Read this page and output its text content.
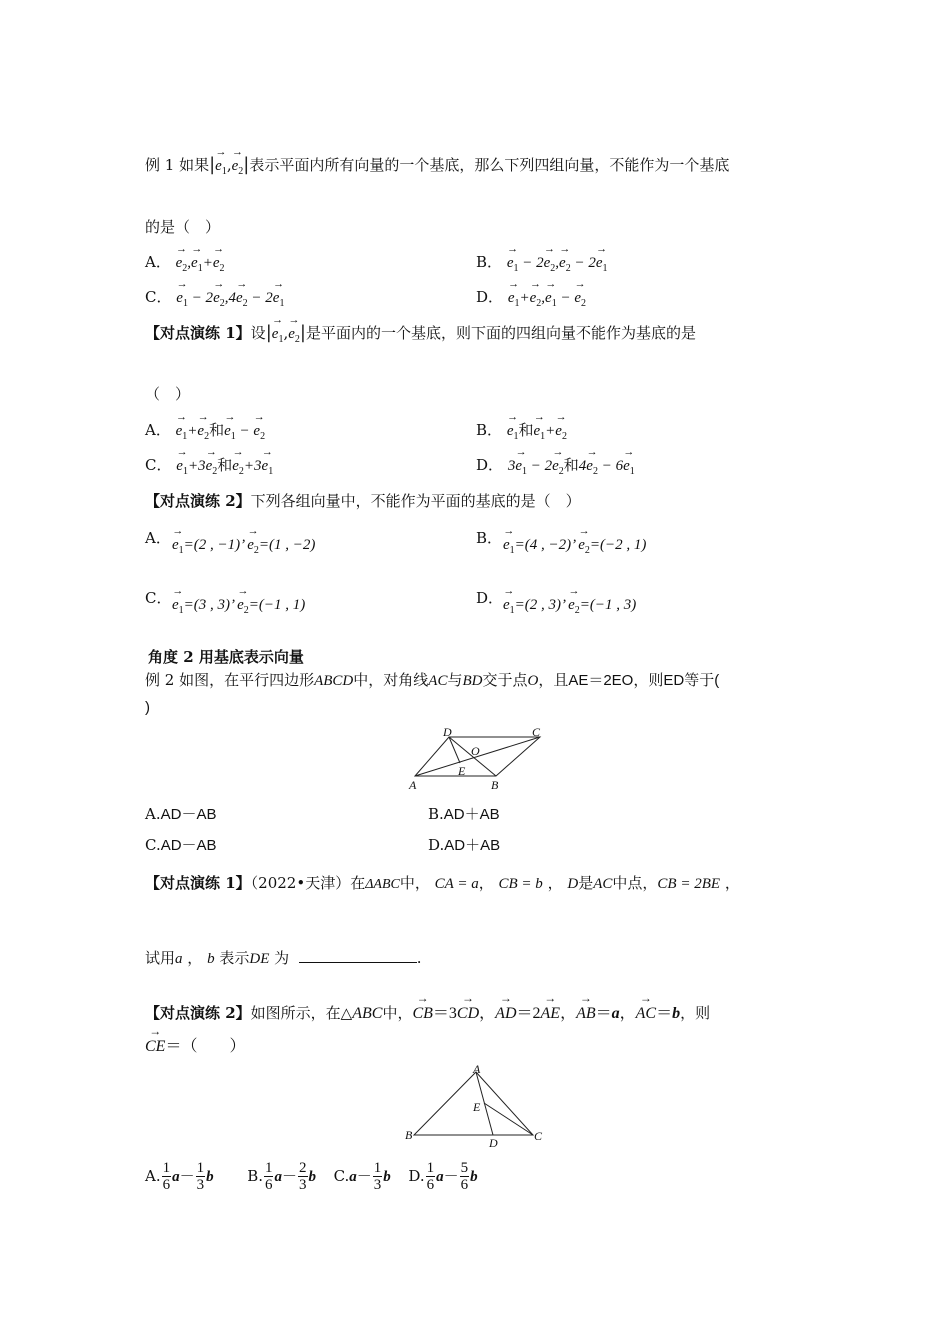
例 1 如果|→ $e_1,\to e_2|$表示平面内所有向量的一个基底，那么下列四组向量，不能作为一个基底
的是（　）
A． → $e_2,\to e_1+\to e_2$	B． → $e_1 - 2\to e_2,\to e_2 - 2\to e_1$
C． → $e_1 - 2\to e_2,4\to e_2 - 2\to e_1$	D． → $e_1+\to e_2,\to e_1$ − → $e_2$
【对点演练 1】设|→ $e_1,\to e_2|$是平面内的一个基底，则下面的四组向量不能作为基底的是
（　）
A． → $e_1+\to e_2$和→ $e_1$ − → $e_2$	B． → $e_1$和→ $e_1+\to e_2$
C． → $e_1+3\to e_2$和→ $e_2+3\to e_1$	D． $3\to e_1 - 2\to e_2$和$4\to e_2 - 6\to e_1$
【对点演练 2】下列各组向量中，不能作为平面的基底的是（　）
A． → $e_1=(2$ , −1)’ → $e_2=(1$ , −2)	B． → $e_1=(4$ , −2)’ → $e_2=(-2$ , 1)
C． → $e_1=(3$ , 3)’ → $e_2=(-1$ , 1)	D． → $e_1=(2$ , 3)’ → $e_2=(-1$ , 3)
角度 2 用基底表示向量
例 2 如图，在平行四边形ABCD中，对角线AC与BD交于点O，且AE＝2EO，则ED等于(
)
D	C
O
E
A	B
A.AD－AB	B.AD＋AB
C.AD－AB	D.AD＋AB
【对点演练 1】（2022•天津）在ΔABC中， CA = a， CB = b ， D是AC中点，CB = 2BE ，
试用a ， b 表示DE 为	.
【对点演练 2】如图所示，在△ABC中，→ CB＝3→ CD，→ AD＝2→ AE，→ AB＝a，→ AC＝b，则
→ CE＝（　　）
A
E
B
D	C
A. $\frac{1}{6} a- \frac{1}{3}$ b B. $\frac{1}{6} a- \frac{2}{3}$ b $C.a- \frac{1}{3}$ b D. $\frac{1}{6} a- \frac{5}{6}$ b
